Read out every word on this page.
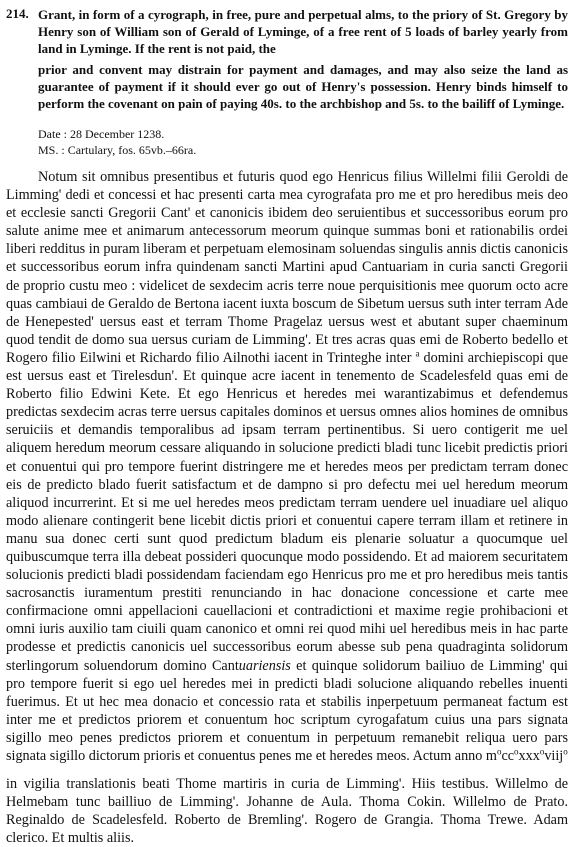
214. Grant, in form of a cyrograph, in free, pure and perpetual alms, to the priory of St. Gregory by Henry son of William son of Gerald of Lyminge, of a free rent of 5 loads of barley yearly from land in Lyminge. If the rent is not paid, the

prior and convent may distrain for payment and damages, and may also seize the land as guarantee of payment if it should ever go out of Henry's possession. Henry binds himself to perform the covenant on pain of paying 40s. to the archbishop and 5s. to the bailiff of Lyminge.

Date : 28 December 1238.
MS. : Cartulary, fos. 65vb.–66ra.

Notum sit omnibus presentibus et futuris quod ego Henricus filius Willelmi filii Geroldi de Limming' dedi et concessi et hac presenti carta mea cyrografata pro me et pro heredibus meis deo et ecclesie sancti Gregorii Cant' et canonicis ibidem deo seruientibus et successoribus eorum pro salute anime mee et animarum antecessorum meorum quinque summas boni et rationabilis ordei liberi redditus in puram liberam et perpetuam elemosinam soluendas singulis annis dictis canonicis et successoribus eorum infra quindenam sancti Martini apud Cantuariam in curia sancti Gregorii de proprio custu meo : videlicet de sexdecim acris terre noue perquisitionis mee quorum octo acre quas cambiaui de Geraldo de Bertona iacent iuxta boscum de Sibetum uersus suth inter terram Ade de Henepested' uersus east et terram Thome Pragelaz uersus west et abutant super chaeminum quod tendit de domo sua uersus curiam de Limming'. Et tres acras quas emi de Roberto bedello et Rogero filio Eilwini et Richardo filio Ailnothi iacent in Trinteghe inter $^a$ domini archiepiscopi que est uersus east et Tirelesdun'. Et quinque acre iacent in tenemento de Scadelesfeld quas emi de Roberto filio Edwini Kete. Et ego Henricus et heredes mei warantizabimus et defendemus predictas sexdecim acras terre uersus capitales dominos et uersus omnes alios homines de omnibus seruiciis et demandis temporalibus ad ipsam terram pertinentibus. Si uero contigerit me uel aliquem heredum meorum cessare aliquando in solucione predicti bladi tunc licebit predictis priori et conuentui qui pro tempore fuerint distringere me et heredes meos per predictam terram donec eis de predicto blado fuerit satisfactum et de dampno si pro defectu mei uel heredum meorum aliquod incurrerint. Et si me uel heredes meos predictam terram uendere uel inuadiare uel aliquo modo alienare contingerit bene licebit dictis priori et conuentui capere terram illam et retinere in manu sua donec certi sunt quod predictum bladum eis plenarie soluatur a quocumque uel quibuscumque terra illa debeat possideri quocunque modo possidendo. Et ad maiorem securitatem solucionis predicti bladi possidendam faciendam ego Henricus pro me et pro heredibus meis tantis sacrosanctis iuramentum prestiti renunciando in hac donacione concessione et carte mee confirmacione omni appellacioni cauellacioni et contradictioni et maxime regie prohibacioni et omni iuris auxilio tam ciuili quam canonico et omni rei quod mihi uel heredibus meis in hac parte prodesse et predictis canonicis uel successoribus eorum abesse sub pena quadraginta solidorum sterlingorum soluendorum domino Cantuariensis et quinque solidorum bailiuo de Limming' qui pro tempore fuerit si ego uel heredes mei in predicti bladi solucione aliquando rebelles inuenti fuerimus. Et ut hec mea donacio et concessio rata et stabilis inperpetuum permaneat factum est inter me et predictos priorem et conuentum hoc scriptum cyrogafatum cuius una pars signata sigillo meo penes predictos priorem et conuentum in perpetuum remanebit reliqua uero pars signata sigillo dictorum prioris et conuentus penes me et heredes meos. Actum anno $m^occ^oxxx^oviij^o$

in vigilia translationis beati Thome martiris in curia de Limming'. Hiis testibus. Willelmo de Helmebam tunc bailliuo de Limming'. Johanne de Aula. Thoma Cokin. Willelmo de Prato. Reginaldo de Scadelesfeld. Roberto de Bremling'. Rogero de Grangia. Thoma Trewe. Adam clerico. Et multis aliis.
